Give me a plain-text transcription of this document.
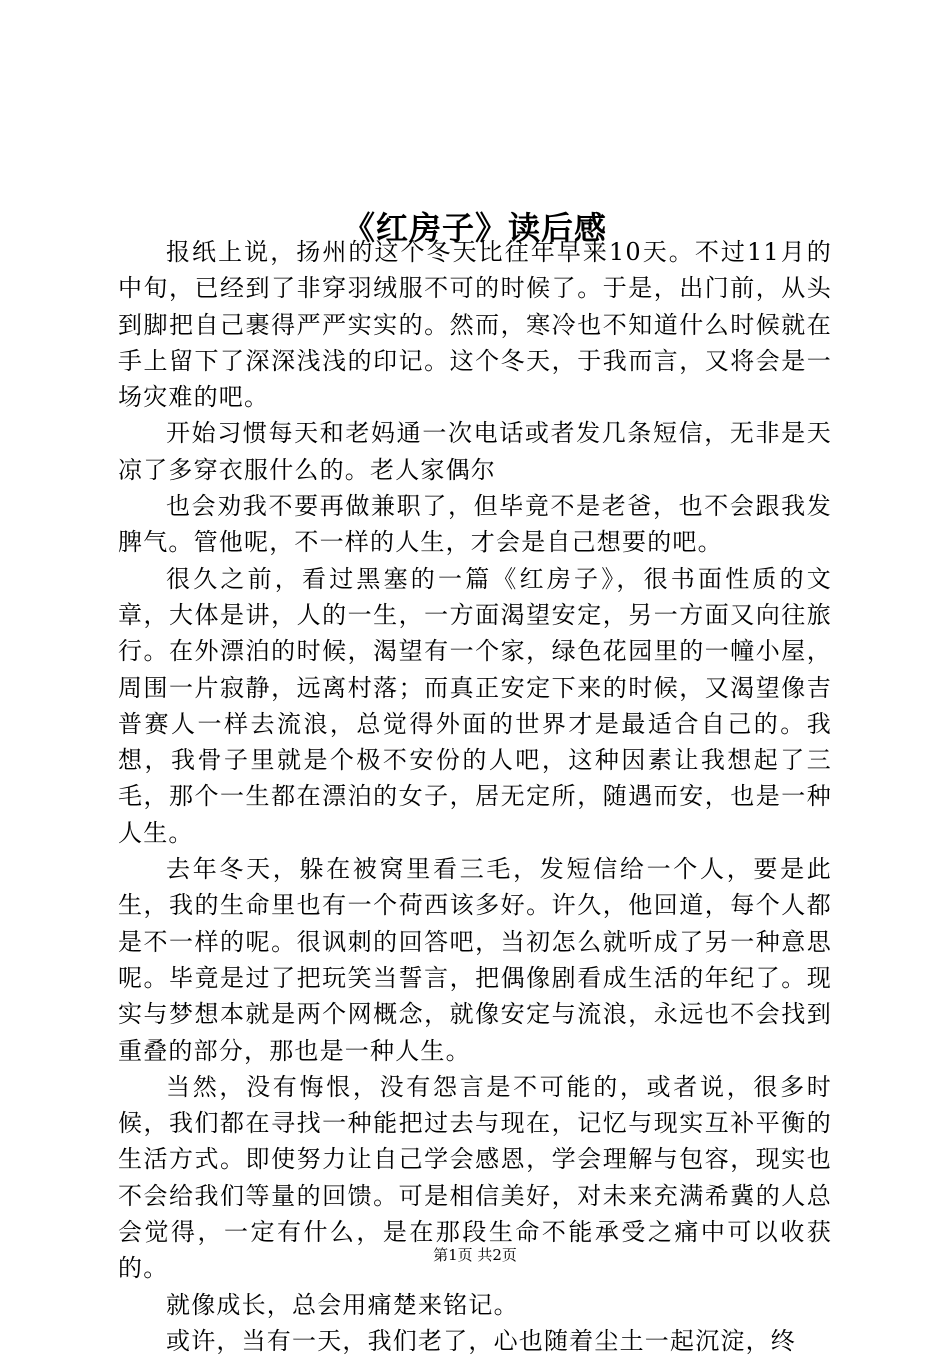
《红房子》读后感

报纸上说，扬州的这个冬天比往年早来10天。不过11月的中旬，已经到了非穿羽绒服不可的时候了。于是，出门前，从头到脚把自己裹得严严实实的。然而，寒冷也不知道什么时候就在手上留下了深深浅浅的印记。这个冬天，于我而言，又将会是一场灾难的吧。

开始习惯每天和老妈通一次电话或者发几条短信，无非是天凉了多穿衣服什么的。老人家偶尔

也会劝我不要再做兼职了，但毕竟不是老爸，也不会跟我发脾气。管他呢，不一样的人生，才会是自己想要的吧。

很久之前，看过黑塞的一篇《红房子》，很书面性质的文章，大体是讲，人的一生，一方面渴望安定，另一方面又向往旅行。在外漂泊的时候，渴望有一个家，绿色花园里的一幢小屋，周围一片寂静，远离村落；而真正安定下来的时候，又渴望像吉普赛人一样去流浪，总觉得外面的世界才是最适合自己的。我想，我骨子里就是个极不安份的人吧，这种因素让我想起了三毛，那个一生都在漂泊的女子，居无定所，随遇而安，也是一种人生。

去年冬天，躲在被窝里看三毛，发短信给一个人，要是此生，我的生命里也有一个荷西该多好。许久，他回道，每个人都是不一样的呢。很讽刺的回答吧，当初怎么就听成了另一种意思呢。毕竟是过了把玩笑当誓言，把偶像剧看成生活的年纪了。现实与梦想本就是两个网概念，就像安定与流浪，永远也不会找到重叠的部分，那也是一种人生。

当然，没有悔恨，没有怨言是不可能的，或者说，很多时候，我们都在寻找一种能把过去与现在，记忆与现实互补平衡的生活方式。即使努力让自己学会感恩，学会理解与包容，现实也不会给我们等量的回馈。可是相信美好，对未来充满希冀的人总会觉得，一定有什么，是在那段生命不能承受之痛中可以收获的。

就像成长，总会用痛楚来铭记。

或许，当有一天，我们老了，心也随着尘土一起沉淀，终

第1页 共2页
